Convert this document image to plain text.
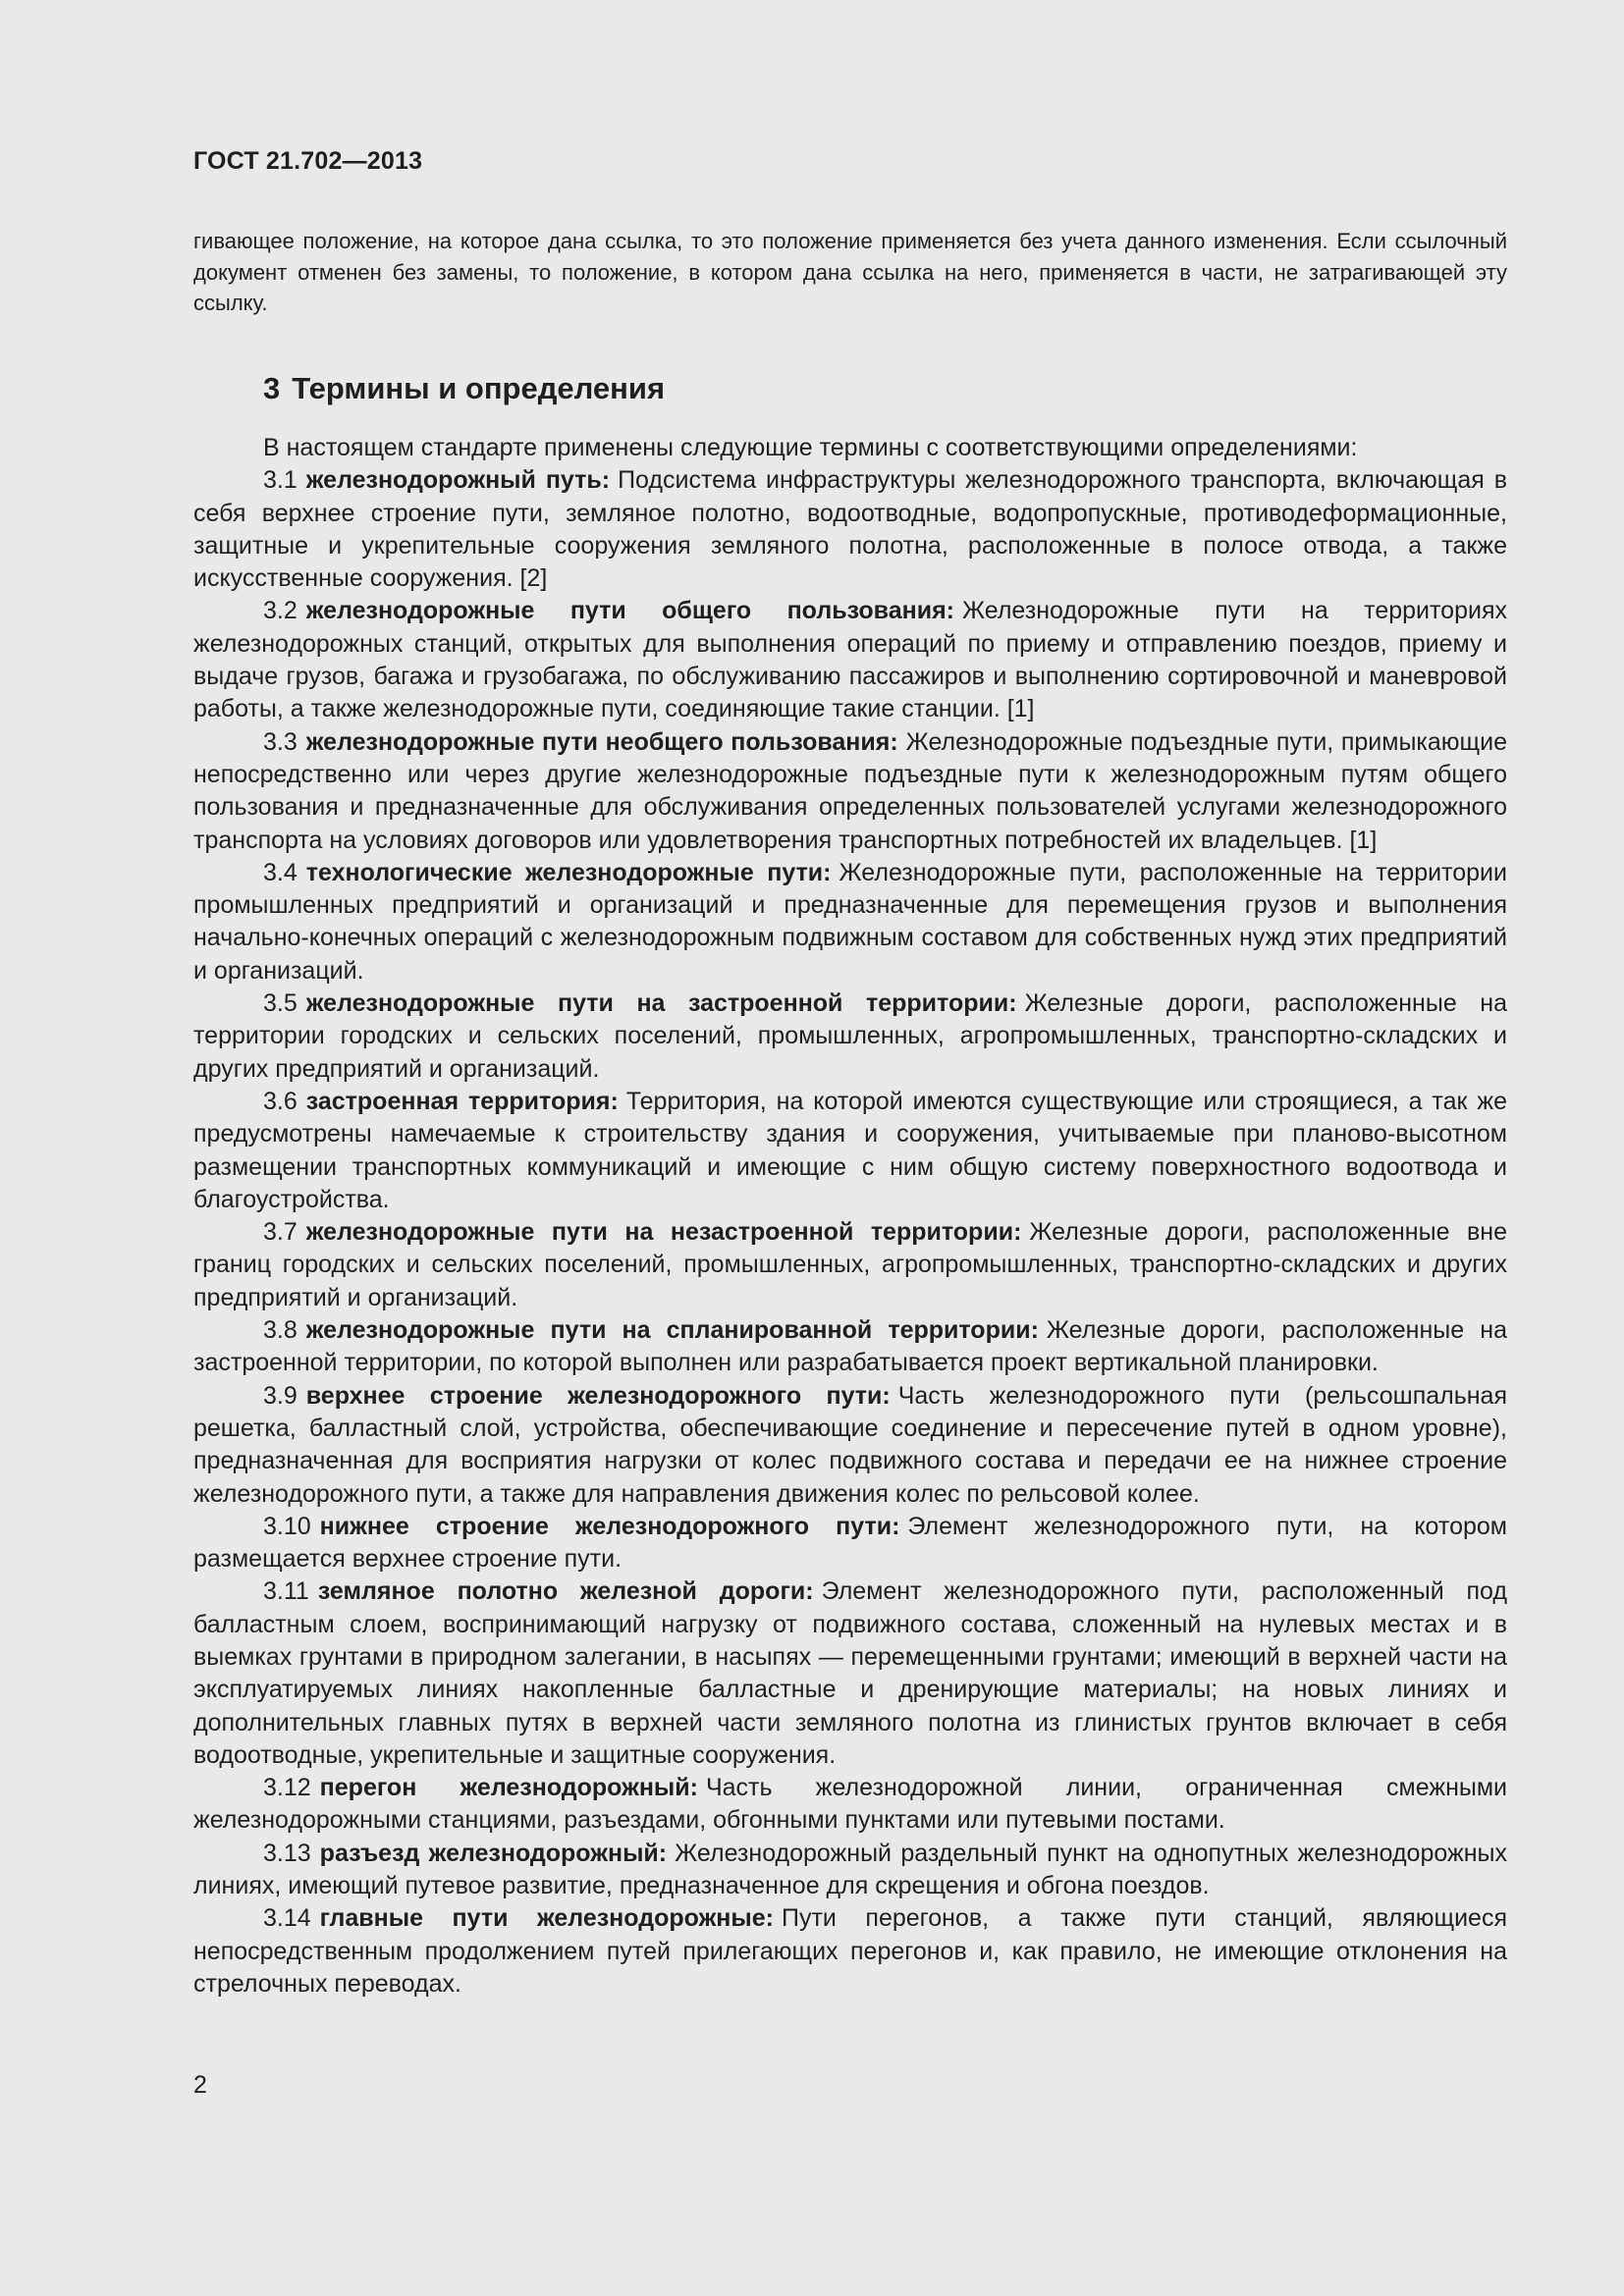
ГОСТ 21.702—2013
гивающее положение, на которое дана ссылка, то это положение применяется без учета данного изменения. Если ссылочный документ отменен без замены, то положение, в котором дана ссылка на него, применяется в части, не затрагивающей эту ссылку.
3 Термины и определения

В настоящем стандарте применены следующие термины с соответствующими определениями:

3.1 железнодорожный путь: Подсистема инфраструктуры железнодорожного транспорта, включающая в себя верхнее строение пути, земляное полотно, водоотводные, водопропускные, противодеформационные, защитные и укрепительные сооружения земляного полотна, расположенные в полосе отвода, а также искусственные сооружения. [2]

3.2 железнодорожные пути общего пользования: Железнодорожные пути на территориях железнодорожных станций, открытых для выполнения операций по приему и отправлению поездов, приему и выдаче грузов, багажа и грузобагажа, по обслуживанию пассажиров и выполнению сортировочной и маневровой работы, а также железнодорожные пути, соединяющие такие станции. [1]

3.3 железнодорожные пути необщего пользования: Железнодорожные подъездные пути, примыкающие непосредственно или через другие железнодорожные подъездные пути к железнодорожным путям общего пользования и предназначенные для обслуживания определенных пользователей услугами железнодорожного транспорта на условиях договоров или удовлетворения транспортных потребностей их владельцев. [1]

3.4 технологические железнодорожные пути: Железнодорожные пути, расположенные на территории промышленных предприятий и организаций и предназначенные для перемещения грузов и выполнения начально-конечных операций с железнодорожным подвижным составом для собственных нужд этих предприятий и организаций.

3.5 железнодорожные пути на застроенной территории: Железные дороги, расположенные на территории городских и сельских поселений, промышленных, агропромышленных, транспортно-складских и других предприятий и организаций.

3.6 застроенная территория: Территория, на которой имеются существующие или строящиеся, а так же предусмотрены намечаемые к строительству здания и сооружения, учитываемые при планово-высотном размещении транспортных коммуникаций и имеющие с ним общую систему поверхностного водоотвода и благоустройства.

3.7 железнодорожные пути на незастроенной территории: Железные дороги, расположенные вне границ городских и сельских поселений, промышленных, агропромышленных, транспортно-складских и других предприятий и организаций.

3.8 железнодорожные пути на спланированной территории: Железные дороги, расположенные на застроенной территории, по которой выполнен или разрабатывается проект вертикальной планировки.

3.9 верхнее строение железнодорожного пути: Часть железнодорожного пути (рельсошпальная решетка, балластный слой, устройства, обеспечивающие соединение и пересечение путей в одном уровне), предназначенная для восприятия нагрузки от колес подвижного состава и передачи ее на нижнее строение железнодорожного пути, а также для направления движения колес по рельсовой колее.

3.10 нижнее строение железнодорожного пути: Элемент железнодорожного пути, на котором размещается верхнее строение пути.

3.11 земляное полотно железной дороги: Элемент железнодорожного пути, расположенный под балластным слоем, воспринимающий нагрузку от подвижного состава, сложенный на нулевых местах и в выемках грунтами в природном залегании, в насыпях — перемещенными грунтами; имеющий в верхней части на эксплуатируемых линиях накопленные балластные и дренирующие материалы; на новых линиях и дополнительных главных путях в верхней части земляного полотна из глинистых грунтов включает в себя водоотводные, укрепительные и защитные сооружения.

3.12 перегон железнодорожный: Часть железнодорожной линии, ограниченная смежными железнодорожными станциями, разъездами, обгонными пунктами или путевыми постами.

3.13 разъезд железнодорожный: Железнодорожный раздельный пункт на однопутных железнодорожных линиях, имеющий путевое развитие, предназначенное для скрещения и обгона поездов.

3.14 главные пути железнодорожные: Пути перегонов, а также пути станций, являющиеся непосредственным продолжением путей прилегающих перегонов и, как правило, не имеющие отклонения на стрелочных переводах.

2
